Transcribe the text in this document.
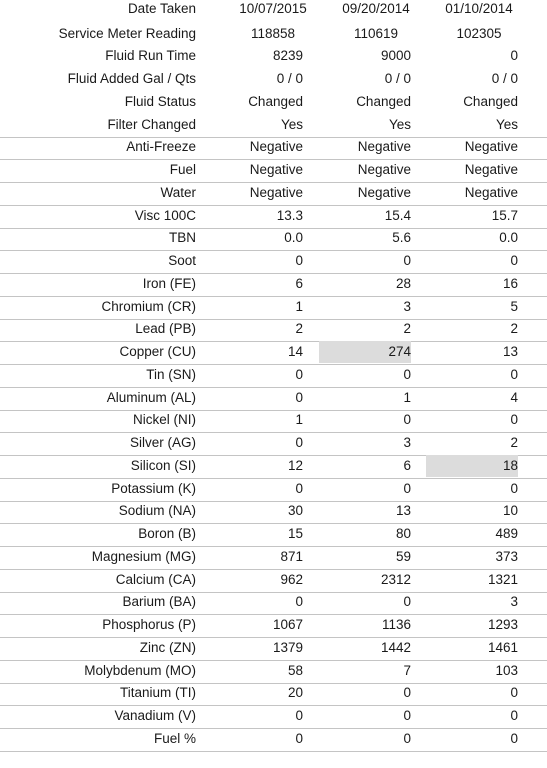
Date Taken	10/07/2015	09/20/2014	01/10/2014
Service Meter Reading	118858	110619	102305
Fluid Run Time	8239	9000	0
Fluid Added Gal / Qts	0 / 0	0 / 0	0 / 0
Fluid Status	Changed	Changed	Changed
Filter Changed	Yes	Yes	Yes
Anti-Freeze	Negative	Negative	Negative
Fuel	Negative	Negative	Negative
Water	Negative	Negative	Negative
Visc 100C	13.3	15.4	15.7
TBN	0.0	5.6	0.0
Soot	0	0	0
Iron (FE)	6	28	16
Chromium (CR)	1	3	5
Lead (PB)	2	2	2
Copper (CU)	14	274	13
Tin (SN)	0	0	0
Aluminum (AL)	0	1	4
Nickel (NI)	1	0	0
Silver (AG)	0	3	2
Silicon (SI)	12	6	18
Potassium (K)	0	0	0
Sodium (NA)	30	13	10
Boron (B)	15	80	489
Magnesium (MG)	871	59	373
Calcium (CA)	962	2312	1321
Barium (BA)	0	0	3
Phosphorus (P)	1067	1136	1293
Zinc (ZN)	1379	1442	1461
Molybdenum (MO)	58	7	103
Titanium (TI)	20	0	0
Vanadium (V)	0	0	0
Fuel %	0	0	0
